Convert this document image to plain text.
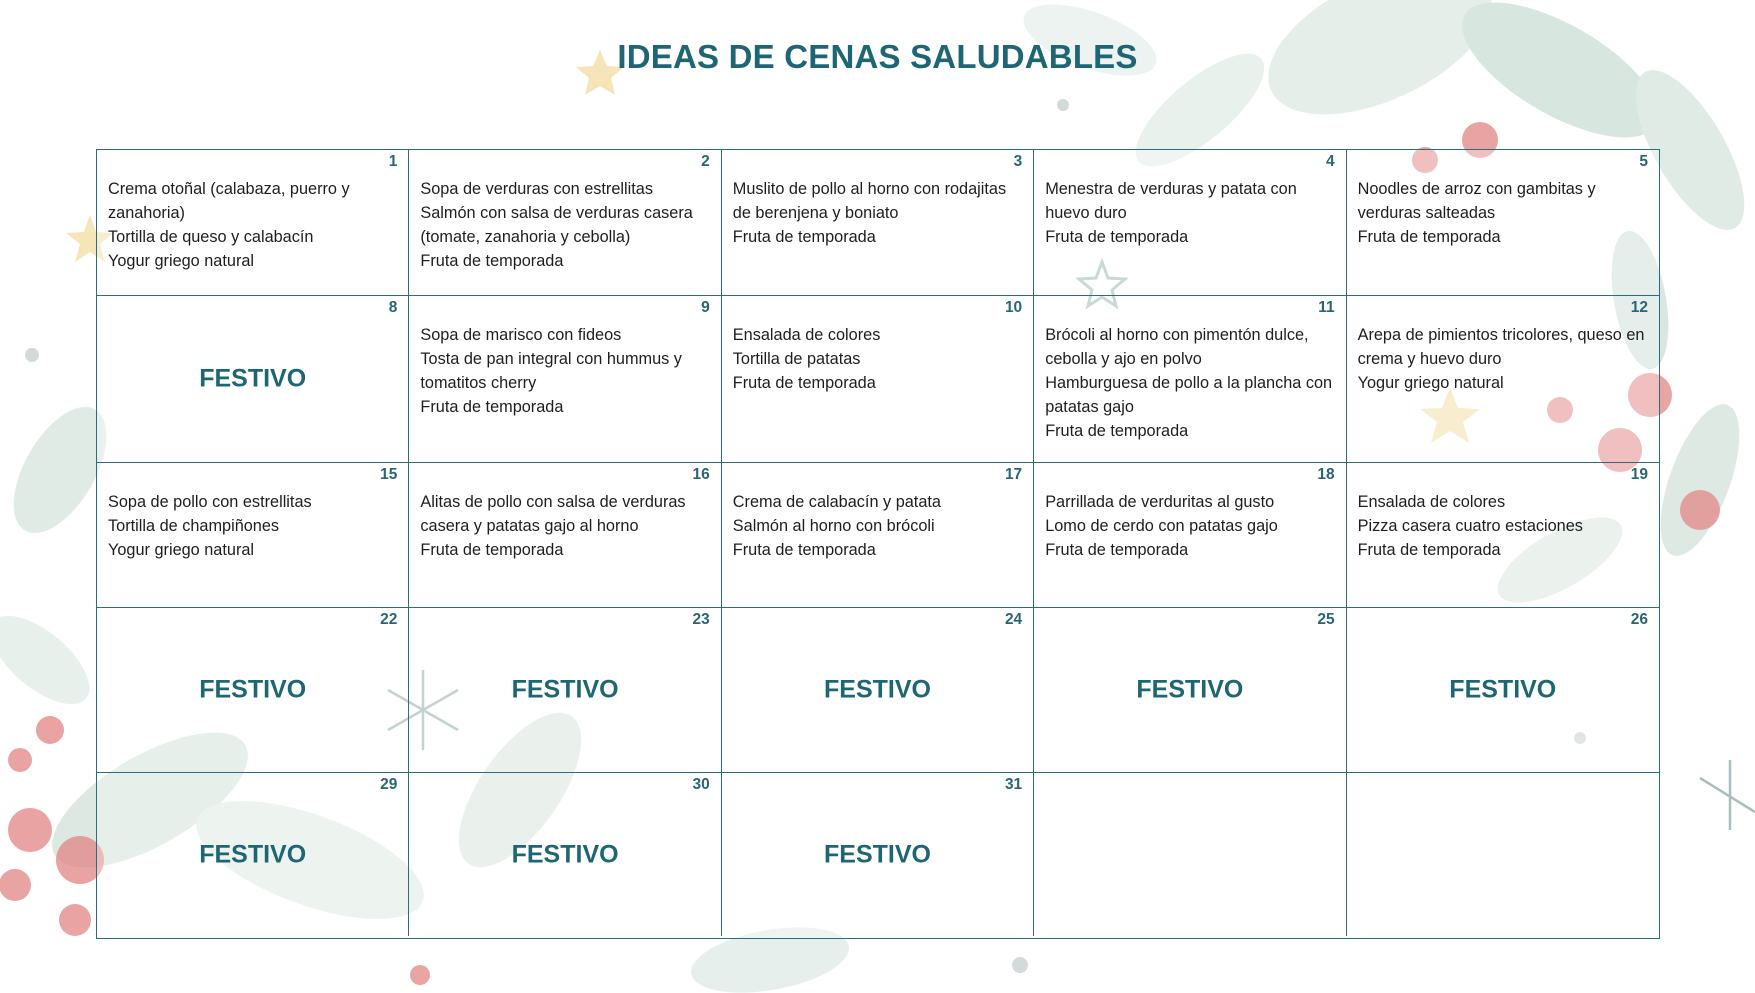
IDEAS DE CENAS SALUDABLES
1

Crema otoñal (calabaza, puerro y zanahoria)

Tortilla de queso y calabacín

Yogur griego natural

2

Sopa de verduras con estrellitas

Salmón con salsa de verduras casera (tomate, zanahoria y cebolla)

Fruta de temporada

3

Muslito de pollo al horno con rodajitas de berenjena y boniato

Fruta de temporada

4

Menestra de verduras y patata con huevo duro

Fruta de temporada

5

Noodles de arroz con gambitas y verduras salteadas

Fruta de temporada

8
FESTIVO
9

Sopa de marisco con fideos

Tosta de pan integral con hummus y tomatitos cherry

Fruta de temporada

10

Ensalada de colores

Tortilla de patatas

Fruta de temporada

11

Brócoli al horno con pimentón dulce, cebolla y ajo en polvo

Hamburguesa de pollo a la plancha con patatas gajo

Fruta de temporada

12

Arepa de pimientos tricolores, queso en crema y huevo duro

Yogur griego natural

15

Sopa de pollo con estrellitas

Tortilla de champiñones

Yogur griego natural

16

Alitas de pollo con salsa de verduras casera y patatas gajo al horno

Fruta de temporada

17

Crema de calabacín y patata

Salmón al horno con brócoli

Fruta de temporada

18

Parrillada de verduritas al gusto

Lomo de cerdo con patatas gajo

Fruta de temporada

19

Ensalada de colores

Pizza casera cuatro estaciones

Fruta de temporada

22
FESTIVO
23
FESTIVO
24
FESTIVO
25
FESTIVO
26
FESTIVO
29
FESTIVO
30
FESTIVO
31
FESTIVO
